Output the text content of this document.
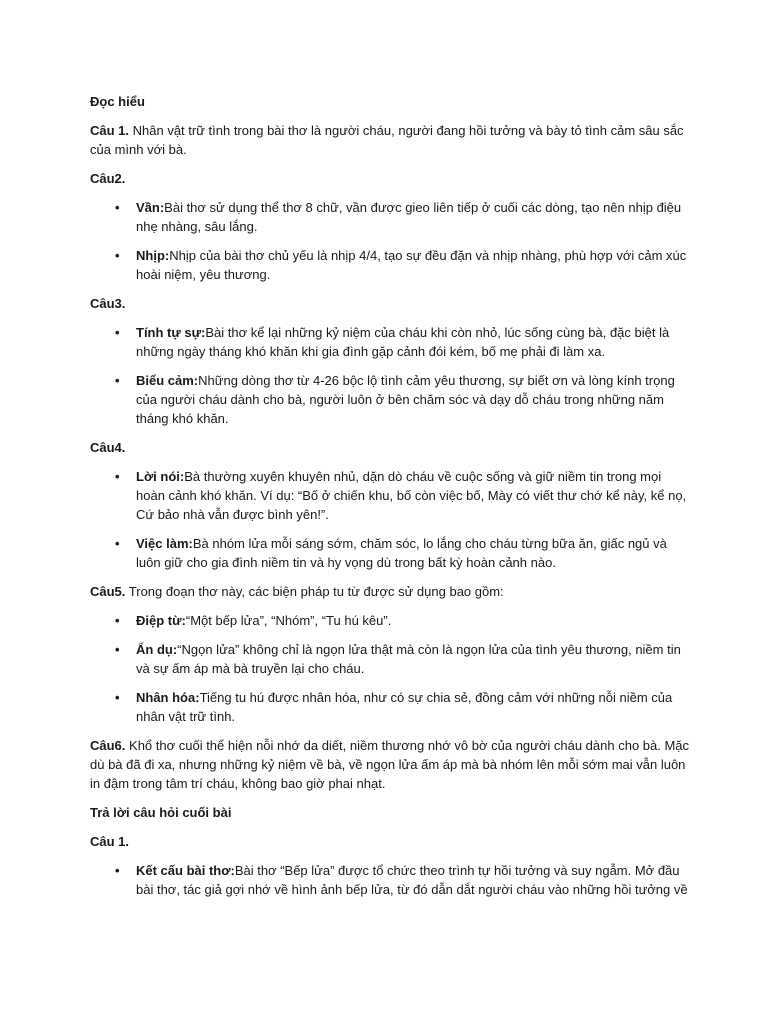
Đọc hiểu

Câu 1. Nhân vật trữ tình trong bài thơ là người cháu, người đang hồi tưởng và bày tỏ tình cảm sâu sắc của mình với bà.

Câu2.

• Vần:Bài thơ sử dụng thể thơ 8 chữ, vần được gieo liên tiếp ở cuối các dòng, tạo nên nhịp điệu nhẹ nhàng, sâu lắng.
• Nhịp:Nhịp của bài thơ chủ yếu là nhịp 4/4, tạo sự đều đặn và nhịp nhàng, phù hợp với cảm xúc hoài niệm, yêu thương.

Câu3.

• Tính tự sự:Bài thơ kể lại những kỷ niệm của cháu khi còn nhỏ, lúc sống cùng bà, đặc biệt là những ngày tháng khó khăn khi gia đình gặp cảnh đói kém, bố mẹ phải đi làm xa.
• Biểu cảm:Những dòng thơ từ 4-26 bộc lộ tình cảm yêu thương, sự biết ơn và lòng kính trọng của người cháu dành cho bà, người luôn ở bên chăm sóc và dạy dỗ cháu trong những năm tháng khó khăn.

Câu4.

• Lời nói:Bà thường xuyên khuyên nhủ, dặn dò cháu về cuộc sống và giữ niềm tin trong mọi hoàn cảnh khó khăn. Ví dụ: “Bố ở chiến khu, bố còn việc bố, Mày có viết thư chớ kể này, kể nọ, Cứ bảo nhà vẫn được bình yên!”.
• Việc làm:Bà nhóm lửa mỗi sáng sớm, chăm sóc, lo lắng cho cháu từng bữa ăn, giấc ngủ và luôn giữ cho gia đình niềm tin và hy vọng dù trong bất kỳ hoàn cảnh nào.

Câu5. Trong đoạn thơ này, các biện pháp tu từ được sử dụng bao gồm:

• Điệp từ:“Một bếp lửa”, “Nhóm”, “Tu hú kêu”.
• Ẩn dụ:“Ngọn lửa” không chỉ là ngọn lửa thật mà còn là ngọn lửa của tình yêu thương, niềm tin và sự ấm áp mà bà truyền lại cho cháu.
• Nhân hóa:Tiếng tu hú được nhân hóa, như có sự chia sẻ, đồng cảm với những nỗi niềm của nhân vật trữ tình.

Câu6. Khổ thơ cuối thể hiện nỗi nhớ da diết, niềm thương nhớ vô bờ của người cháu dành cho bà. Mặc dù bà đã đi xa, nhưng những kỷ niệm về bà, về ngọn lửa ấm áp mà bà nhóm lên mỗi sớm mai vẫn luôn in đậm trong tâm trí cháu, không bao giờ phai nhạt.

Trả lời câu hỏi cuối bài

Câu 1.

• Kết cấu bài thơ:Bài thơ “Bếp lửa” được tổ chức theo trình tự hồi tưởng và suy ngẫm. Mở đầu bài thơ, tác giả gợi nhớ về hình ảnh bếp lửa, từ đó dẫn dắt người cháu vào những hồi tưởng về
